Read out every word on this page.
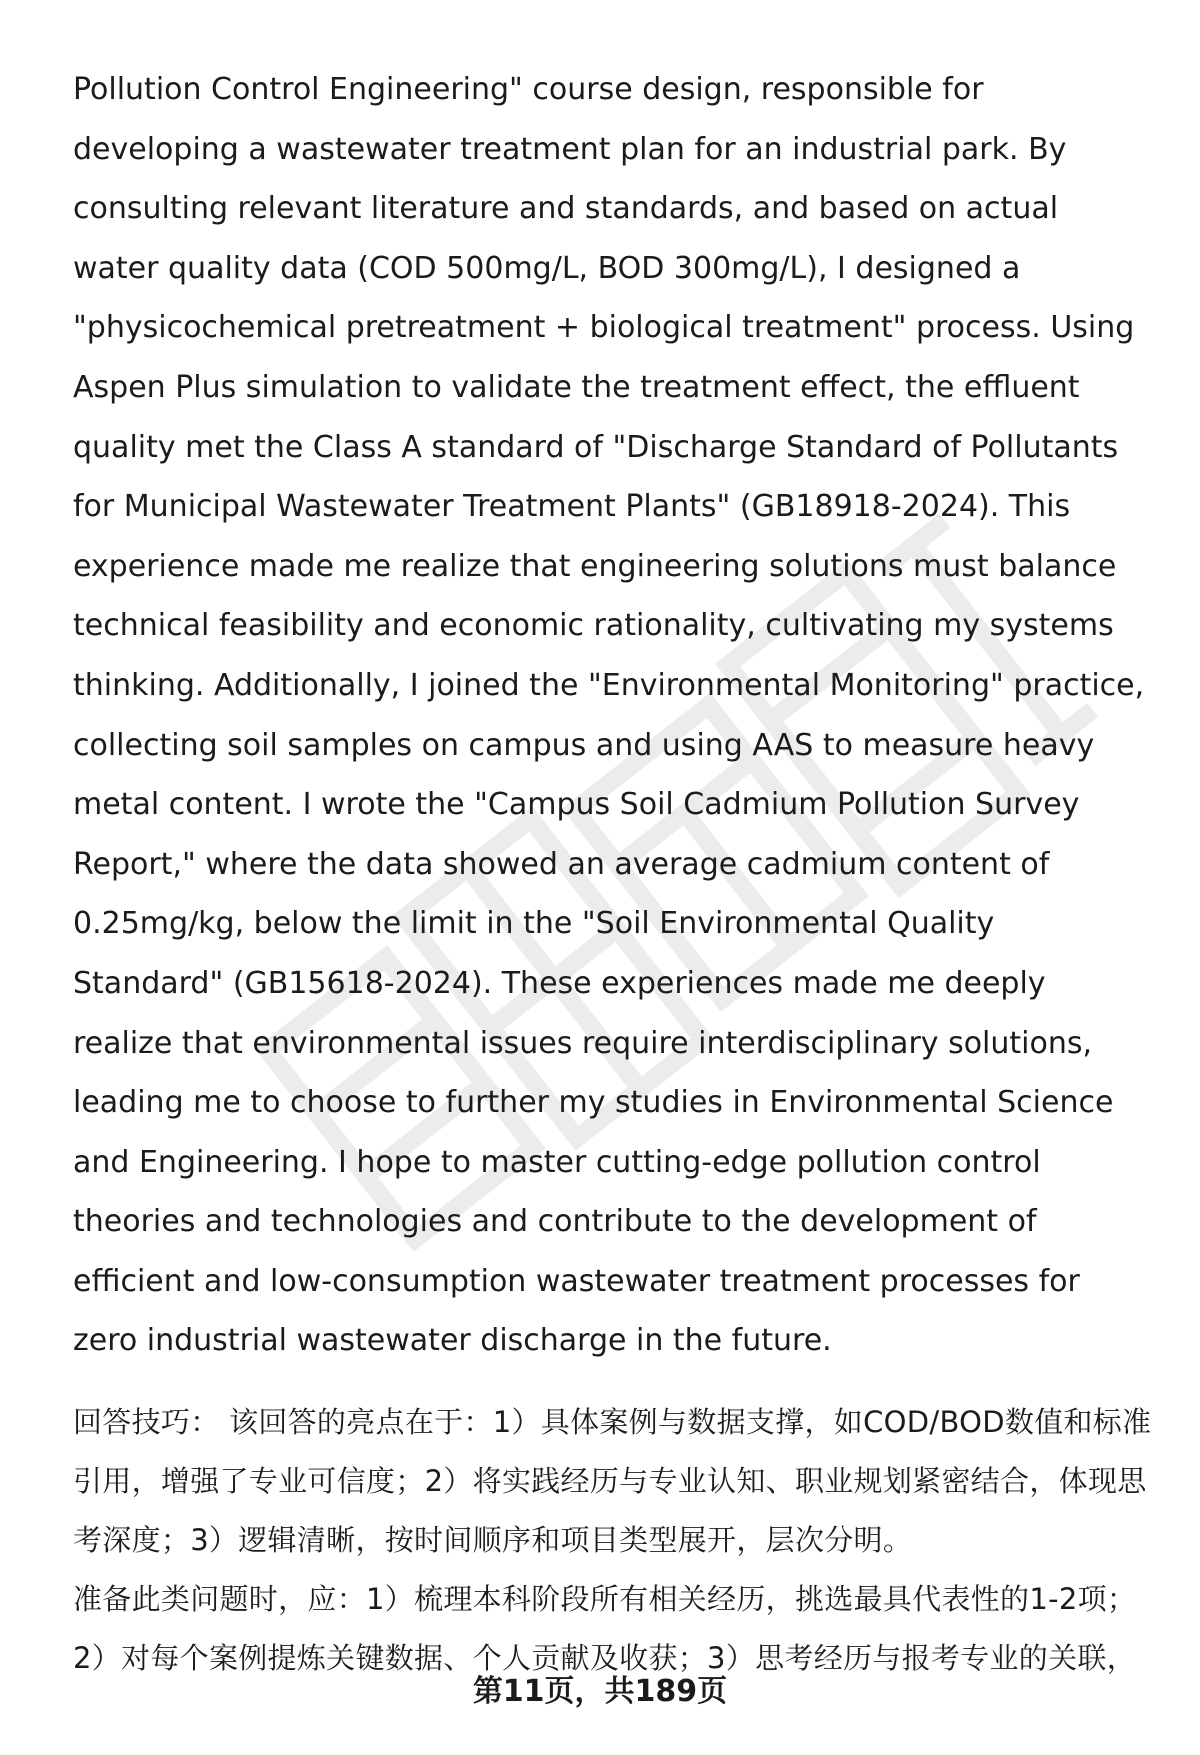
Pollution Control Engineering" course design, responsible for developing a wastewater treatment plan for an industrial park. By consulting relevant literature and standards, and based on actual water quality data (COD 500mg/L, BOD 300mg/L), I designed a "physicochemical pretreatment + biological treatment" process. Using Aspen Plus simulation to validate the treatment effect, the effluent quality met the Class A standard of "Discharge Standard of Pollutants for Municipal Wastewater Treatment Plants" (GB18918-2024). This experience made me realize that engineering solutions must balance technical feasibility and economic rationality, cultivating my systems thinking. Additionally, I joined the "Environmental Monitoring" practice, collecting soil samples on campus and using AAS to measure heavy metal content. I wrote the "Campus Soil Cadmium Pollution Survey Report," where the data showed an average cadmium content of 0.25mg/kg, below the limit in the "Soil Environmental Quality Standard" (GB15618-2024). These experiences made me deeply realize that environmental issues require interdisciplinary solutions, leading me to choose to further my studies in Environmental Science and Engineering. I hope to master cutting-edge pollution control theories and technologies and contribute to the development of efficient and low-consumption wastewater treatment processes for zero industrial wastewater discharge in the future.

回答技巧： 该回答的亮点在于：1）具体案例与数据支撑，如COD/BOD数值和标准引用，增强了专业可信度；2）将实践经历与专业认知、职业规划紧密结合，体现思考深度；3）逻辑清晰，按时间顺序和项目类型展开，层次分明。

准备此类问题时，应：1）梳理本科阶段所有相关经历，挑选最具代表性的1-2项；2）对每个案例提炼关键数据、个人贡献及收获；3）思考经历与报考专业的关联，

第11页，共189页
